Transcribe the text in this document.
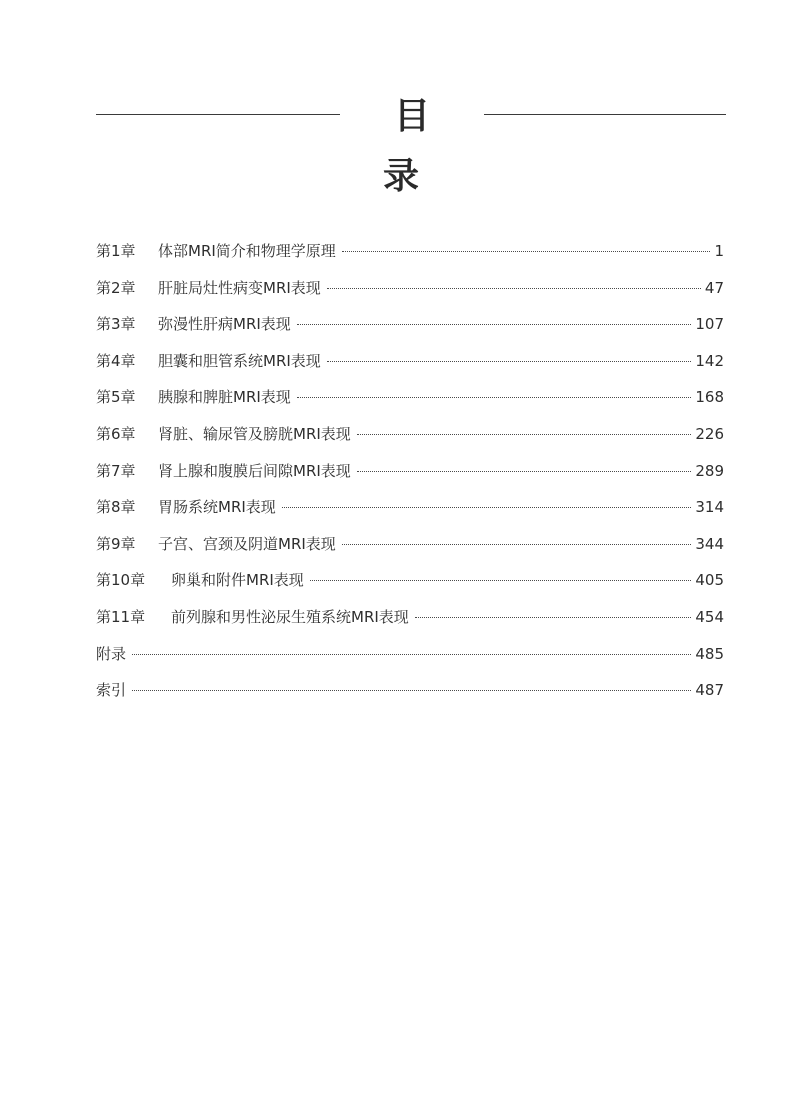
目录
第1章	体部MRI简介和物理学原理	1
第2章	肝脏局灶性病变MRI表现	47
第3章	弥漫性肝病MRI表现	107
第4章	胆囊和胆管系统MRI表现	142
第5章	胰腺和脾脏MRI表现	168
第6章	肾脏、输尿管及膀胱MRI表现	226
第7章	肾上腺和腹膜后间隙MRI表现	289
第8章	胃肠系统MRI表现	314
第9章	子宫、宫颈及阴道MRI表现	344
第10章	卵巢和附件MRI表现	405
第11章	前列腺和男性泌尿生殖系统MRI表现	454
附录	485
索引	487
